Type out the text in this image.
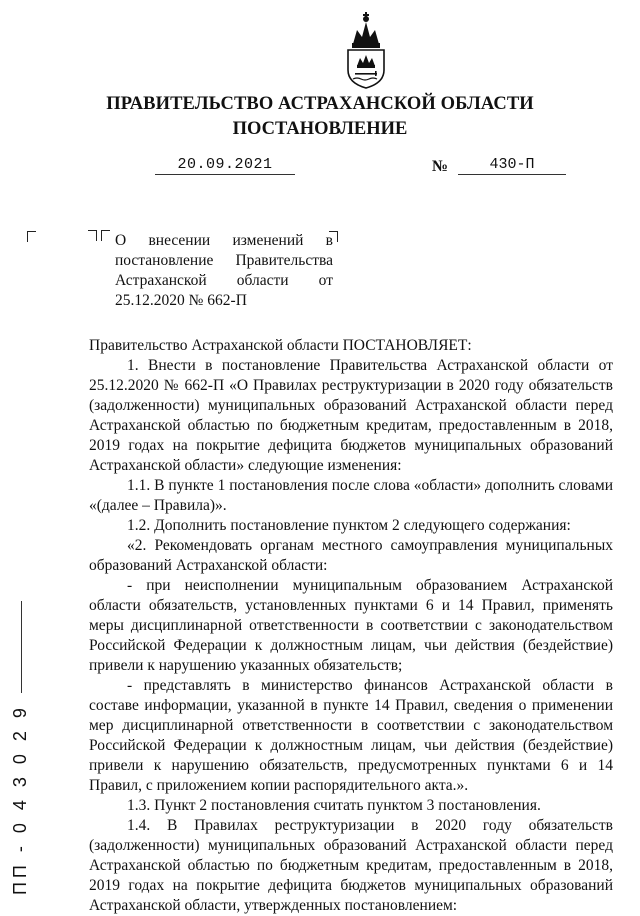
ПРАВИТЕЛЬСТВО АСТРАХАНСКОЙ ОБЛАСТИ
ПОСТАНОВЛЕНИЕ
20.09.2021	№	430-П

О внесении изменений в постановление Правительства Астраханской области от 25.12.2020 № 662-П

Правительство Астраханской области ПОСТАНОВЛЯЕТ:

1. Внести в постановление Правительства Астраханской области от 25.12.2020 № 662-П «О Правилах реструктуризации в 2020 году обязательств (задолженности) муниципальных образований Астраханской области перед Астраханской областью по бюджетным кредитам, предоставленным в 2018, 2019 годах на покрытие дефицита бюджетов муниципальных образований Астраханской области» следующие изменения:

1.1. В пункте 1 постановления после слова «области» дополнить словами «(далее – Правила)».

1.2. Дополнить постановление пунктом 2 следующего содержания:

«2. Рекомендовать органам местного самоуправления муниципальных образований Астраханской области:

- при неисполнении муниципальным образованием Астраханской области обязательств, установленных пунктами 6 и 14 Правил, применять меры дисциплинарной ответственности в соответствии с законодательством Российской Федерации к должностным лицам, чьи действия (бездействие) привели к нарушению указанных обязательств;

- представлять в министерство финансов Астраханской области в составе информации, указанной в пункте 14 Правил, сведения о применении мер дисциплинарной ответственности в соответствии с законодательством Российской Федерации к должностным лицам, чьи действия (бездействие) привели к нарушению обязательств, предусмотренных пунктами 6 и 14 Правил, с приложением копии распорядительного акта.».

1.3. Пункт 2 постановления считать пунктом 3 постановления.

1.4. В Правилах реструктуризации в 2020 году обязательств (задолженности) муниципальных образований Астраханской области перед Астраханской областью по бюджетным кредитам, предоставленным в 2018, 2019 годах на покрытие дефицита бюджетов муниципальных образований Астраханской области, утвержденных постановлением:

ПП - 0 4 3 0 2 9
